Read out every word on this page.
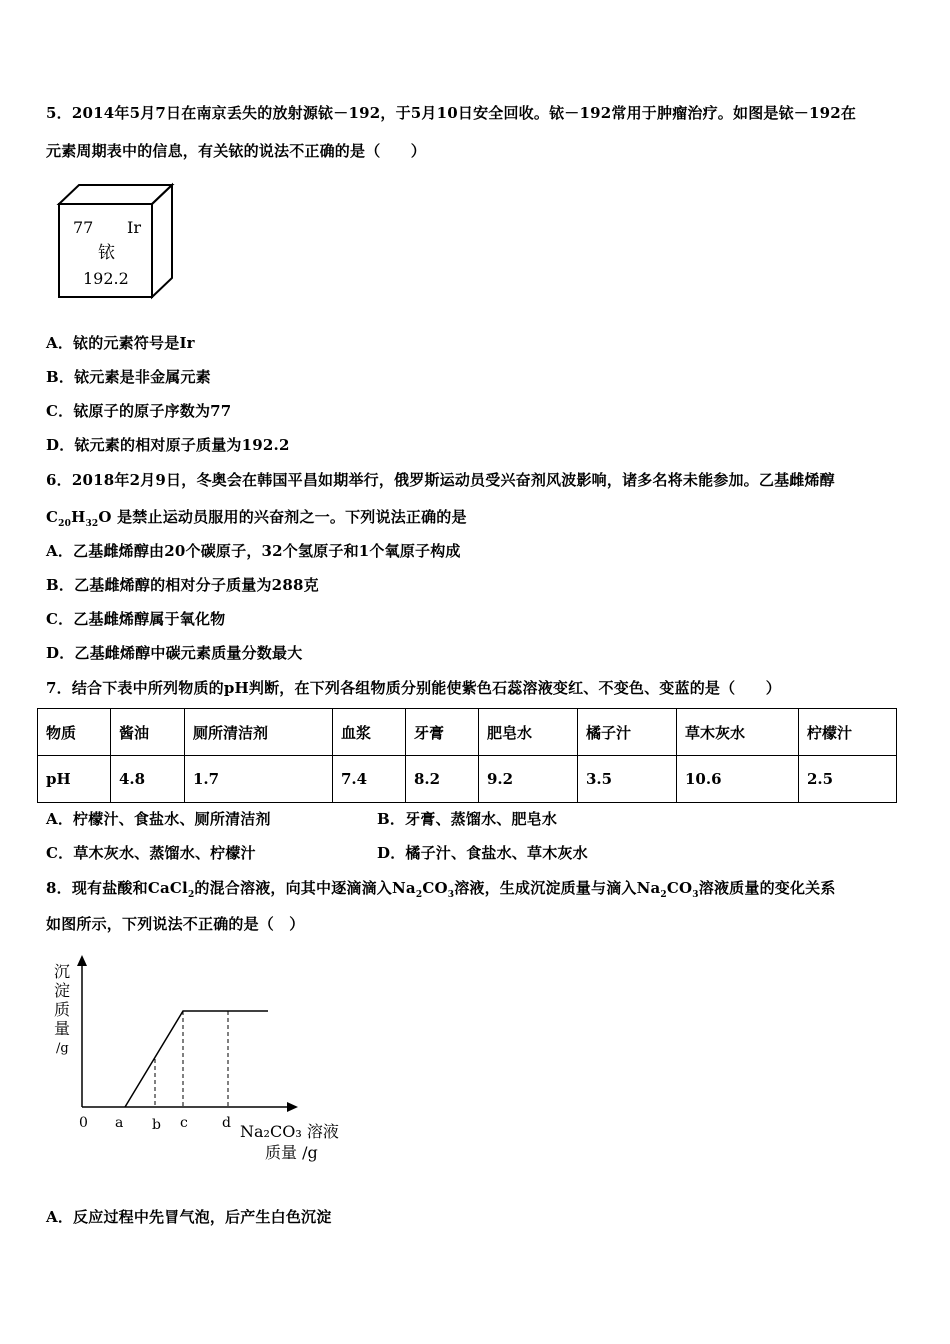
5．2014年5月7日在南京丢失的放射源铱－192，于5月10日安全回收。铱－192常用于肿瘤治疗。如图是铱－192在
元素周期表中的信息，有关铱的说法不正确的是（　　）
77 Ir
铱
192.2
A．铱的元素符号是Ir
B．铱元素是非金属元素
C．铱原子的原子序数为77
D．铱元素的相对原子质量为192.2
6．2018年2月9日，冬奥会在韩国平昌如期举行，俄罗斯运动员受兴奋剂风波影响，诸多名将未能参加。乙基雌烯醇
$C_{20}H_{32}O$ 是禁止运动员服用的兴奋剂之一。下列说法正确的是
A．乙基雌烯醇由20个碳原子，32个氢原子和1个氧原子构成
B．乙基雌烯醇的相对分子质量为288克
C．乙基雌烯醇属于氧化物
D．乙基雌烯醇中碳元素质量分数最大
7．结合下表中所列物质的pH判断，在下列各组物质分别能使紫色石蕊溶液变红、不变色、变蓝的是（　　）
物质	酱油	厕所清洁剂	血浆	牙膏	肥皂水	橘子汁	草木灰水	柠檬汁
pH	4.8	1.7	7.4	8.2	9.2	3.5	10.6	2.5
A．柠檬汁、食盐水、厕所清洁剂	B．牙膏、蒸馏水、肥皂水
C．草木灰水、蒸馏水、柠檬汁	D．橘子汁、食盐水、草木灰水
8．现有盐酸和CaCl$_2$的混合溶液，向其中逐滴滴入$Na_2CO_3$溶液，生成沉淀质量与滴入$Na_2CO_3$溶液质量的变化关系
如图所示，下列说法不正确的是（　）
沉
淀
质
量
/g
0 a b c d Na₂CO₃ 溶液
质量 /g
A．反应过程中先冒气泡，后产生白色沉淀
